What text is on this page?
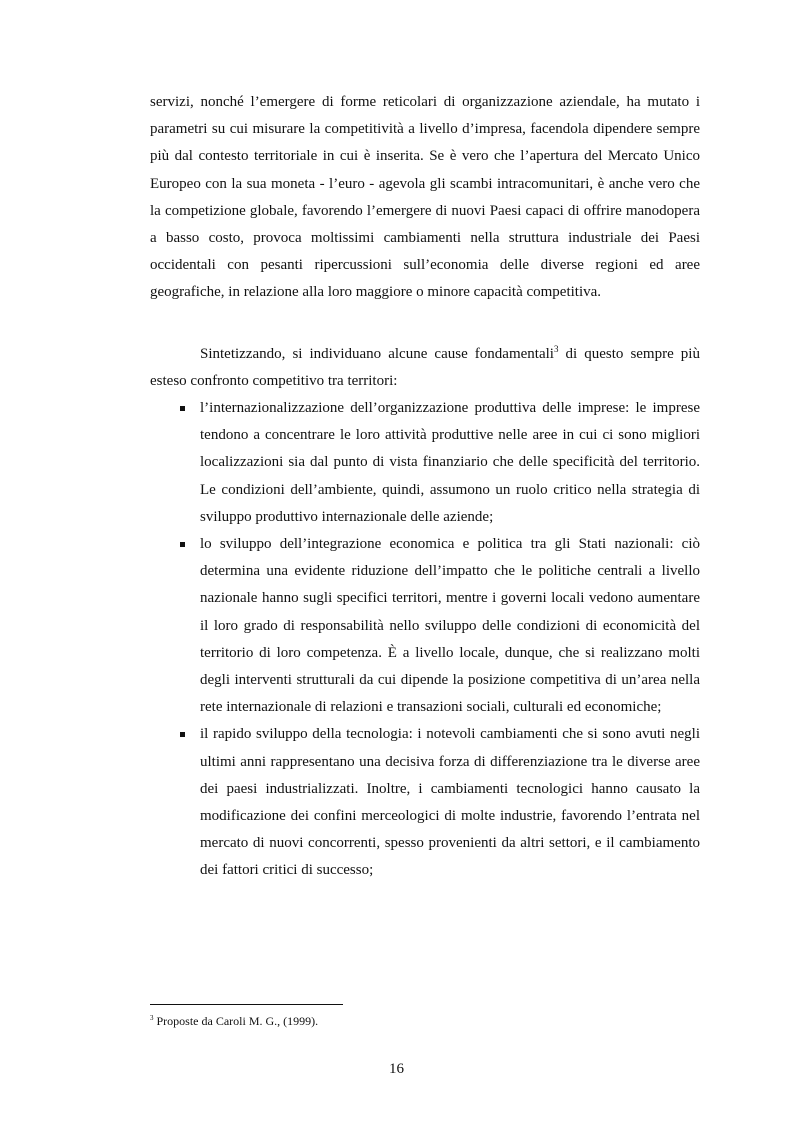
servizi, nonché l’emergere di forme reticolari di organizzazione aziendale, ha mutato i parametri su cui misurare la competitività a livello d’impresa, facendola dipendere sempre più dal contesto territoriale in cui è inserita. Se è vero che l’apertura del Mercato Unico Europeo con la sua moneta - l’euro - agevola gli scambi intracomunitari, è anche vero che la competizione globale, favorendo l’emergere di nuovi Paesi capaci di offrire manodopera a basso costo, provoca moltissimi cambiamenti nella struttura industriale dei Paesi occidentali con pesanti ripercussioni sull’economia delle diverse regioni ed aree geografiche, in relazione alla loro maggiore o minore capacità competitiva.

Sintetizzando, si individuano alcune cause fondamentali$^3$ di questo sempre più esteso confronto competitivo tra territori:

l’internazionalizzazione dell’organizzazione produttiva delle imprese: le imprese tendono a concentrare le loro attività produttive nelle aree in cui ci sono migliori localizzazioni sia dal punto di vista finanziario che delle specificità del territorio. Le condizioni dell’ambiente, quindi, assumono un ruolo critico nella strategia di sviluppo produttivo internazionale delle aziende;
lo sviluppo dell’integrazione economica e politica tra gli Stati nazionali: ciò determina una evidente riduzione dell’impatto che le politiche centrali a livello nazionale hanno sugli specifici territori, mentre i governi locali vedono aumentare il loro grado di responsabilità nello sviluppo delle condizioni di economicità del territorio di loro competenza. È a livello locale, dunque, che si realizzano molti degli interventi strutturali da cui dipende la posizione competitiva di un’area nella rete internazionale di relazioni e transazioni sociali, culturali ed economiche;
il rapido sviluppo della tecnologia: i notevoli cambiamenti che si sono avuti negli ultimi anni rappresentano una decisiva forza di differenziazione tra le diverse aree dei paesi industrializzati. Inoltre, i cambiamenti tecnologici hanno causato la modificazione dei confini merceologici di molte industrie, favorendo l’entrata nel mercato di nuovi concorrenti, spesso provenienti da altri settori, e il cambiamento dei fattori critici di successo;
$^3$ Proposte da Caroli M. G., (1999).
16
